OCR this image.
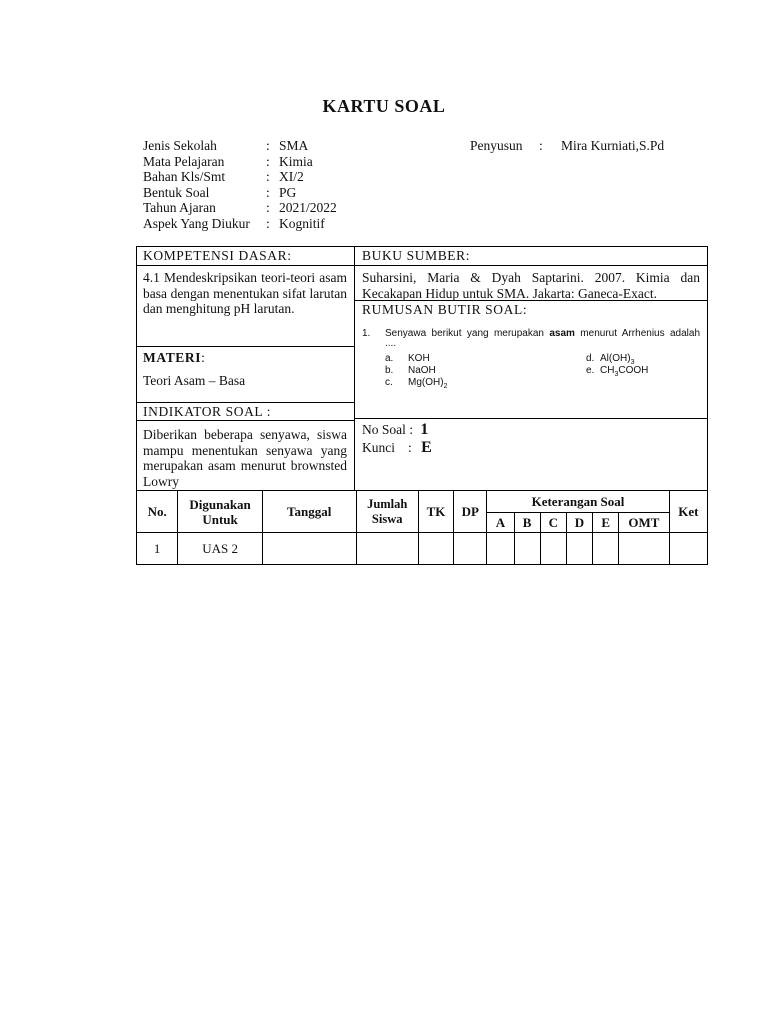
KARTU SOAL
Jenis Sekolah	: SMA
Mata Pelajaran	: Kimia
Bahan Kls/Smt	: XI/2
Bentuk Soal	: PG
Tahun Ajaran	: 2021/2022
Aspek Yang Diukur	: Kognitif
Penyusun	:	Mira Kurniati,S.Pd
KOMPETENSI DASAR:
4.1 Mendeskripsikan teori-teori asam basa dengan menentukan sifat larutan dan menghitung pH larutan.
MATERI:
Teori Asam – Basa
INDIKATOR SOAL :
Diberikan beberapa senyawa, siswa mampu menentukan senyawa yang merupakan asam menurut brownsted Lowry
BUKU SUMBER:
Suharsini, Maria & Dyah Saptarini. 2007. Kimia dan Kecakapan Hidup untuk SMA. Jakarta: Ganeca-Exact.
RUMUSAN BUTIR SOAL:
1. Senyawa berikut yang merupakan asam menurut Arrhenius adalah
....
a. KOH
b. NaOH
c. $Mg(OH)_2$
d. $Al(OH)_3$
e. $CH_3COOH$
No Soal : 1
Kunci : E
No.	Digunakan Untuk	Tanggal	Jumlah Siswa	TK	DP	Keterangan Soal						Ket
						A	B	C	D	E	OMT	
1	UAS 2											
